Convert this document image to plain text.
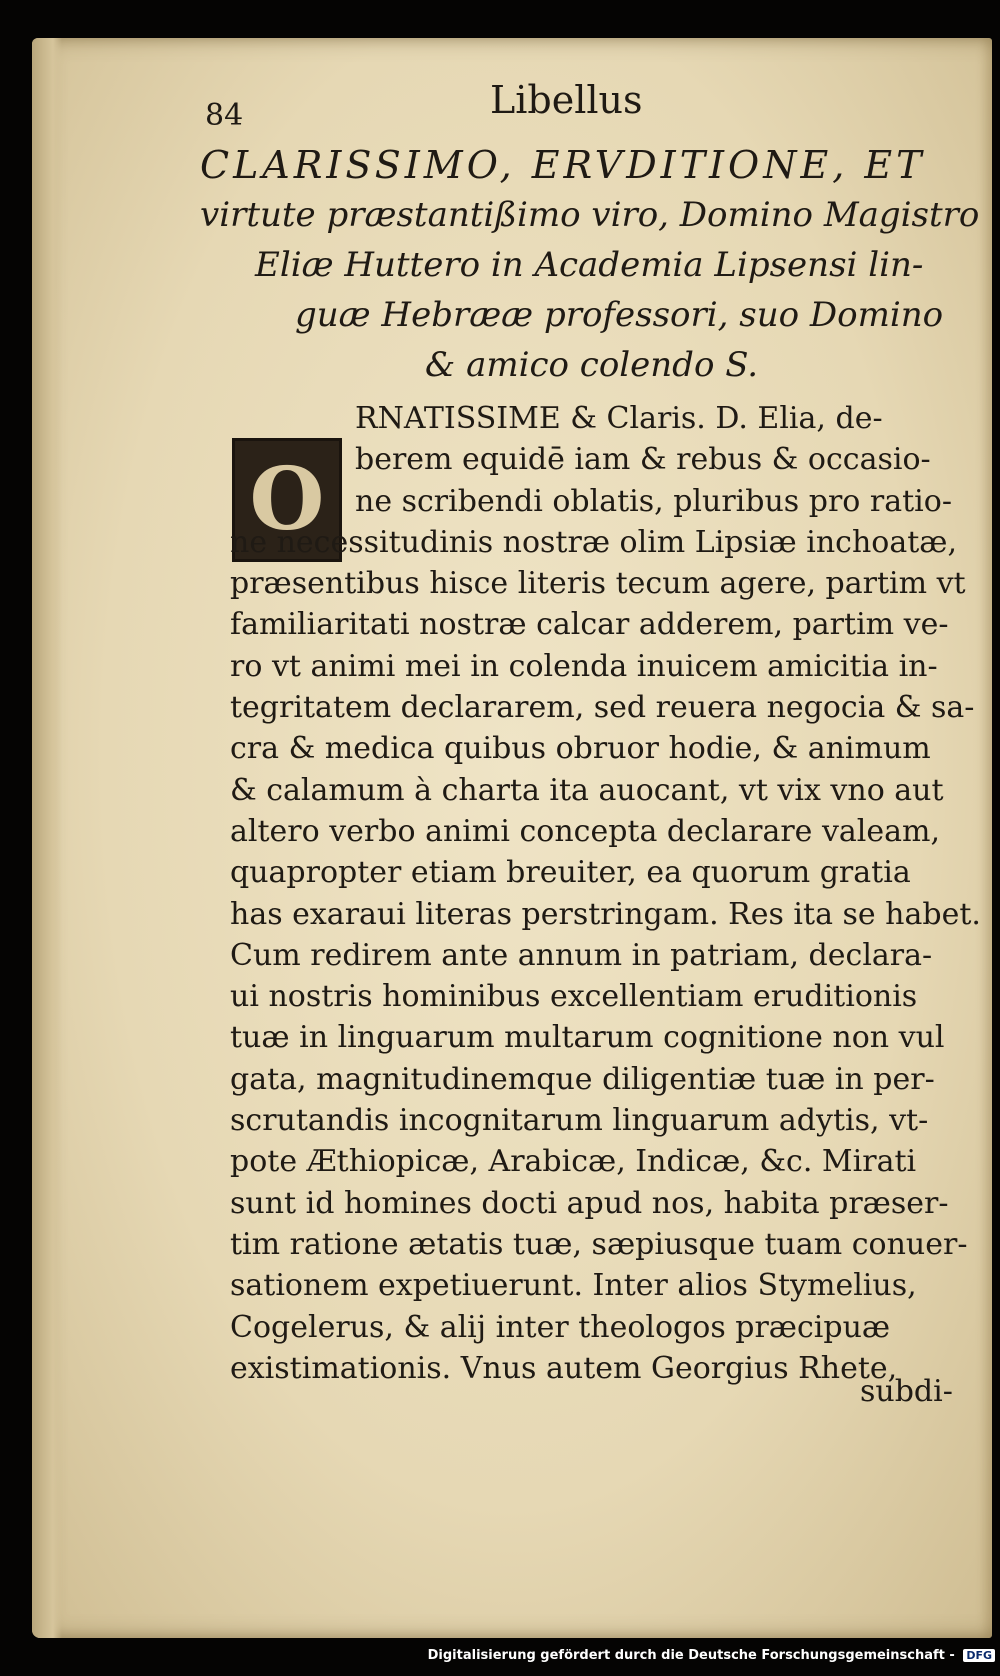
84	Libellus
CLARISSIMO, ERVDITIONE, ET
virtute præstantißimo viro, Domino Magistro
Eliæ Huttero in Academia Lipsensi lin-
guæ Hebrææ professori, suo Domino
& amico colendo S.
O
RNATISSIME & Claris. D. Elia, de-
berem equidē iam & rebus & occasio-
ne scribendi oblatis, pluribus pro ratio-
ne necessitudinis nostræ olim Lipsiæ inchoatæ,
præsentibus hisce literis tecum agere, partim vt
familiaritati nostræ calcar adderem, partim ve-
ro vt animi mei in colenda inuicem amicitia in-
tegritatem declararem, sed reuera negocia & sa-
cra & medica quibus obruor hodie, & animum
& calamum à charta ita auocant, vt vix vno aut
altero verbo animi concepta declarare valeam,
quapropter etiam breuiter, ea quorum gratia
has exaraui literas perstringam. Res ita se habet.
Cum redirem ante annum in patriam, declara-
ui nostris hominibus excellentiam eruditionis
tuæ in linguarum multarum cognitione non vul
gata, magnitudinemque diligentiæ tuæ in per-
scrutandis incognitarum linguarum adytis, vt-
pote Æthiopicæ, Arabicæ, Indicæ, &c. Mirati
sunt id homines docti apud nos, habita præser-
tim ratione ætatis tuæ, sæpiusque tuam conuer-
sationem expetiuerunt. Inter alios Stymelius,
Cogelerus, & alij inter theologos præcipuæ
existimationis. Vnus autem Georgius Rhete,
subdi-
Digitalisierung gefördert durch die Deutsche Forschungsgemeinschaft - DFG
